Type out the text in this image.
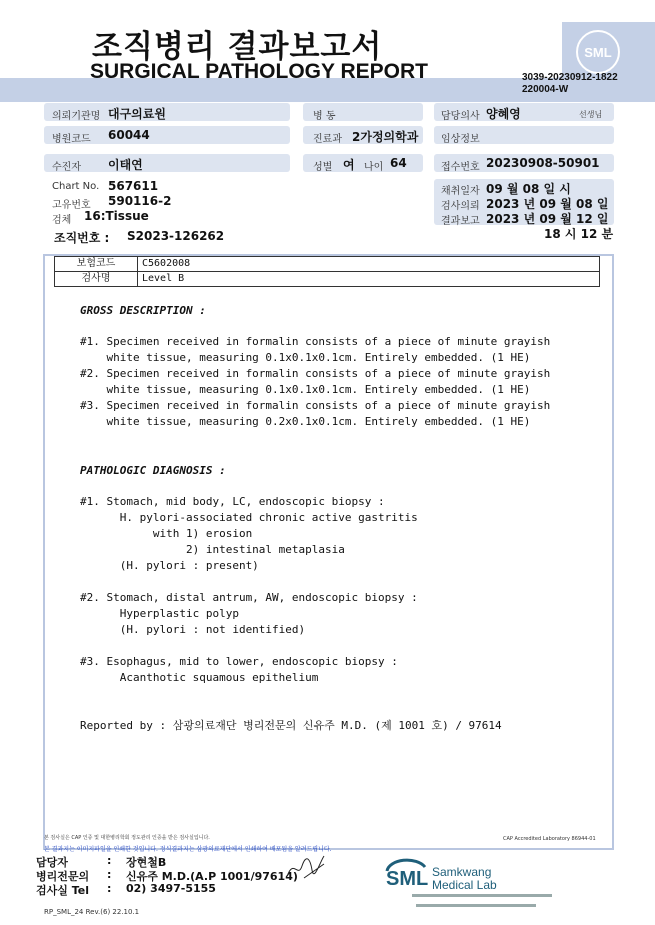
조직병리 결과보고서
SURGICAL PATHOLOGY REPORT
SML
3039-20230912-1822
220004-W
의뢰기관명 대구의료원	병 동	담당의사 양혜영	선생님
병원코드 60044	진료과 2가정의학과 임상정보
수진자 이태연	성별 여 나이 64	접수번호 20230908-50901
Chart No. 567611
고유번호 590116-2
검체 16:Tissue
조직번호 : S2023-126262
채취일자 09 월 08 일 시
검사의뢰 2023 년 09 월 08 일
결과보고 2023 년 09 월 12 일
18 시 12 분
보험코드	C5602008
검사명	Level B
GROSS DESCRIPTION :
#1. Specimen received in formalin consists of a piece of minute grayish
white tissue, measuring 0.1x0.1x0.1cm. Entirely embedded. (1 HE)
#2. Specimen received in formalin consists of a piece of minute grayish
white tissue, measuring 0.1x0.1x0.1cm. Entirely embedded. (1 HE)
#3. Specimen received in formalin consists of a piece of minute grayish
white tissue, measuring 0.2x0.1x0.1cm. Entirely embedded. (1 HE)
PATHOLOGIC DIAGNOSIS :
#1. Stomach, mid body, LC, endoscopic biopsy :
H. pylori-associated chronic active gastritis
with 1) erosion
2) intestinal metaplasia
(H. pylori : present)
#2. Stomach, distal antrum, AW, endoscopic biopsy :
Hyperplastic polyp
(H. pylori : not identified)
#3. Esophagus, mid to lower, endoscopic biopsy :
Acanthotic squamous epithelium
Reported by : 삼광의료재단 병리전문의 신유주 M.D. (제 1001 호) / 97614
본 검사실은 CAP 인증 및 대한병리학회 정도관리 인증을 받은 검사실입니다.
본 결과지는 이미지파일을 인쇄한 것입니다. 정식결과지는 삼광의료재단에서 인쇄하여 배포됨을 알려드립니다.
CAP Accredited Laboratory 86944-01
담당자	: 장현철B
병리전문의 : 신유주 M.D.(A.P 1001/97614)
검사실 Tel : 02) 3497-5155	SML Samkwang
Medical Lab
RP_SML_24 Rev.(6) 22.10.1
